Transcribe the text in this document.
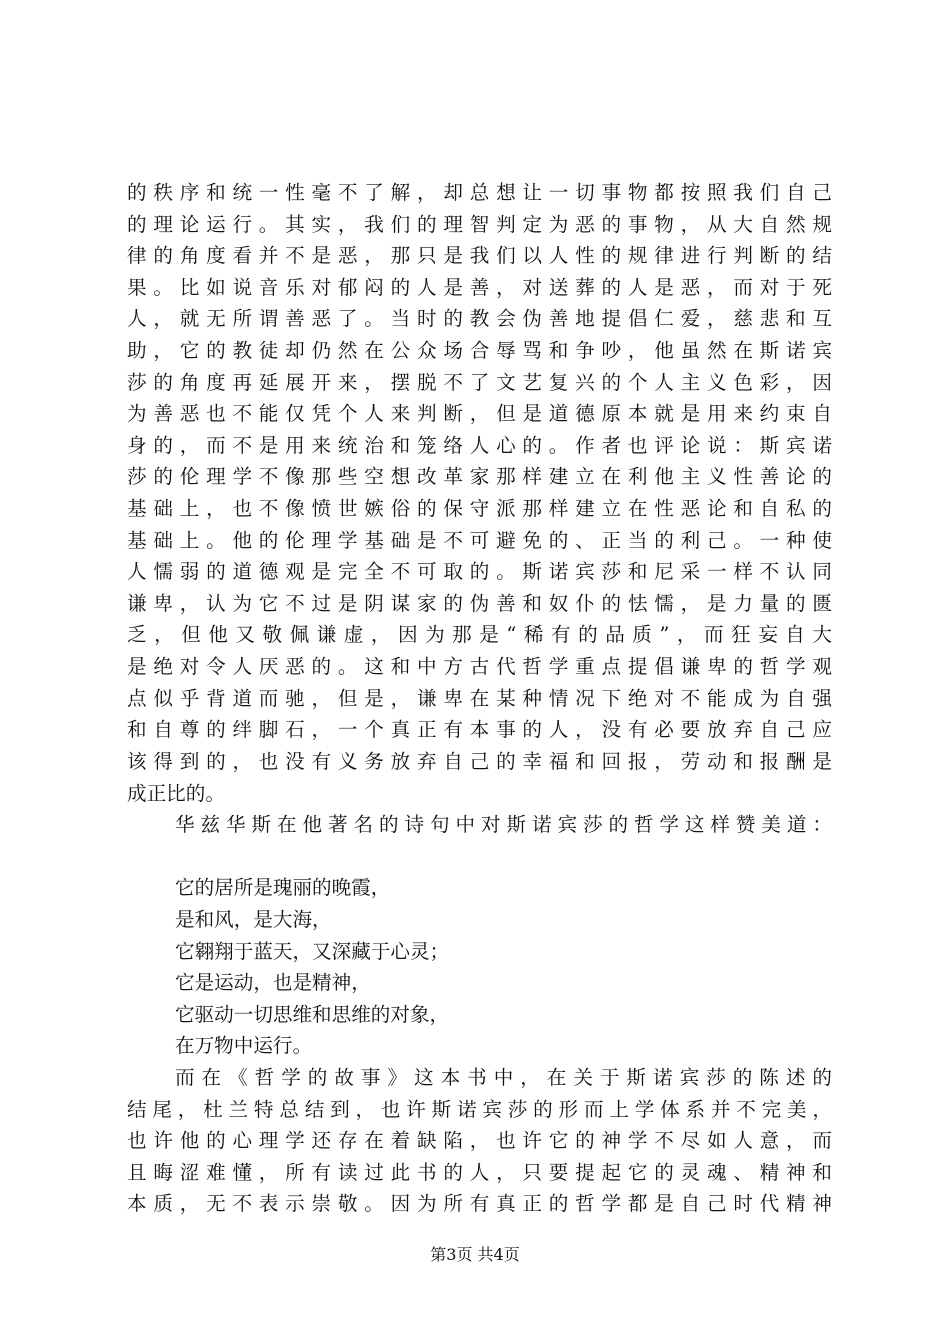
的秩序和统一性毫不了解，却总想让一切事物都按照我们自己
的理论运行。其实，我们的理智判定为恶的事物，从大自然规
律的角度看并不是恶，那只是我们以人性的规律进行判断的结
果。比如说音乐对郁闷的人是善，对送葬的人是恶，而对于死
人，就无所谓善恶了。当时的教会伪善地提倡仁爱，慈悲和互
助，它的教徒却仍然在公众场合辱骂和争吵，他虽然在斯诺宾
莎的角度再延展开来，摆脱不了文艺复兴的个人主义色彩，因
为善恶也不能仅凭个人来判断，但是道德原本就是用来约束自
身的，而不是用来统治和笼络人心的。作者也评论说：斯宾诺
莎的伦理学不像那些空想改革家那样建立在利他主义性善论的
基础上，也不像愤世嫉俗的保守派那样建立在性恶论和自私的
基础上。他的伦理学基础是不可避免的、正当的利己。一种使
人懦弱的道德观是完全不可取的。斯诺宾莎和尼采一样不认同
谦卑，认为它不过是阴谋家的伪善和奴仆的怯懦，是力量的匮
乏，但他又敬佩谦虚，因为那是“稀有的品质”，而狂妄自大
是绝对令人厌恶的。这和中方古代哲学重点提倡谦卑的哲学观
点似乎背道而驰，但是，谦卑在某种情况下绝对不能成为自强
和自尊的绊脚石，一个真正有本事的人，没有必要放弃自己应
该得到的，也没有义务放弃自己的幸福和回报，劳动和报酬是
成正比的。
华兹华斯在他著名的诗句中对斯诺宾莎的哲学这样赞美道：
它的居所是瑰丽的晚霞，
是和风，是大海，
它翱翔于蓝天，又深藏于心灵；
它是运动，也是精神，
它驱动一切思维和思维的对象，
在万物中运行。
而在《哲学的故事》这本书中，在关于斯诺宾莎的陈述的
结尾，杜兰特总结到，也许斯诺宾莎的形而上学体系并不完美，
也许他的心理学还存在着缺陷，也许它的神学不尽如人意，而
且晦涩难懂，所有读过此书的人，只要提起它的灵魂、精神和
本质，无不表示崇敬。因为所有真正的哲学都是自己时代精神
第3页 共4页
